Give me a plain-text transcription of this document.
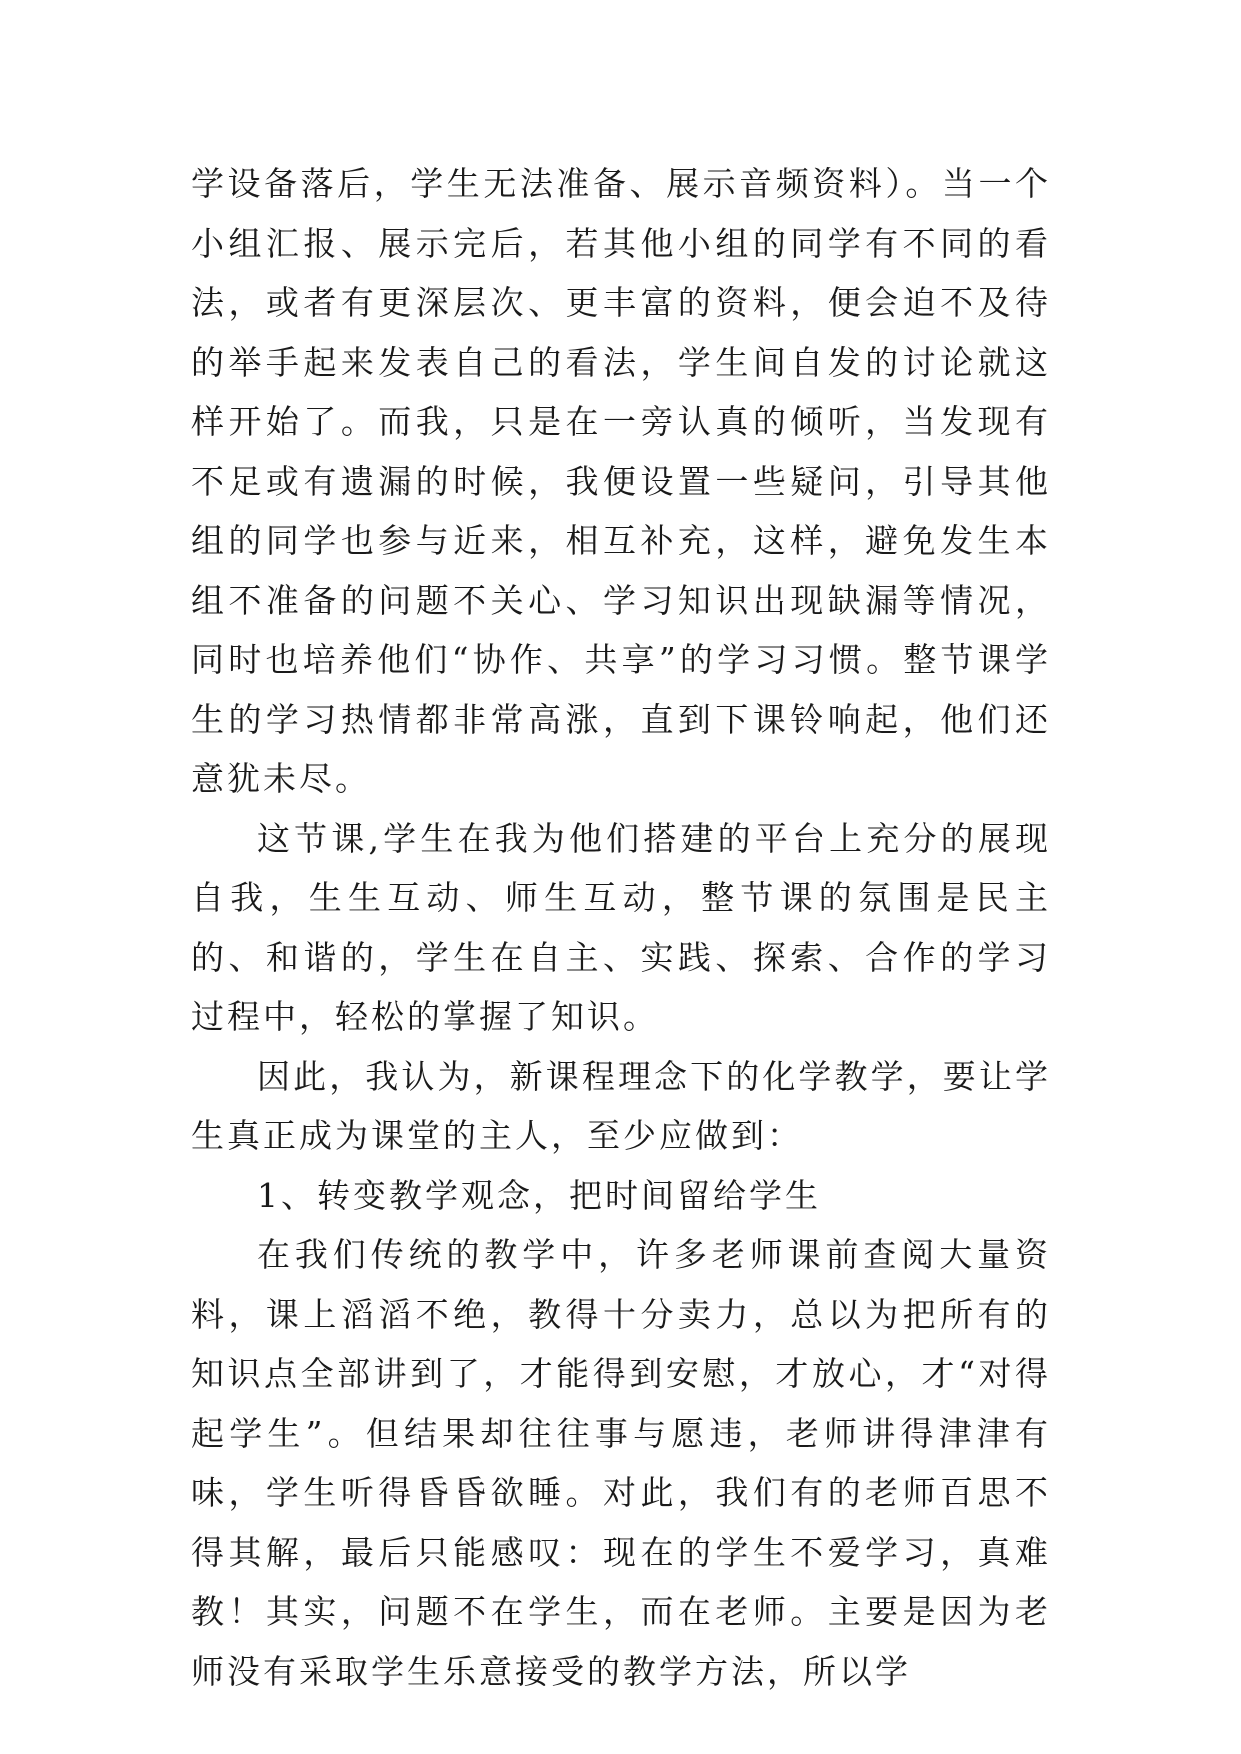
学设备落后，学生无法准备、展示音频资料）。当一个小组汇报、展示完后，若其他小组的同学有不同的看法，或者有更深层次、更丰富的资料，便会迫不及待的举手起来发表自己的看法，学生间自发的讨论就这样开始了。而我，只是在一旁认真的倾听，当发现有不足或有遗漏的时候，我便设置一些疑问，引导其他组的同学也参与近来，相互补充，这样，避免发生本组不准备的问题不关心、学习知识出现缺漏等情况，同时也培养他们“协作、共享”的学习习惯。整节课学生的学习热情都非常高涨，直到下课铃响起，他们还意犹未尽。

这节课,学生在我为他们搭建的平台上充分的展现自我，生生互动、师生互动，整节课的氛围是民主的、和谐的，学生在自主、实践、探索、合作的学习过程中，轻松的掌握了知识。

因此，我认为，新课程理念下的化学教学，要让学生真正成为课堂的主人，至少应做到：

1、转变教学观念，把时间留给学生

在我们传统的教学中，许多老师课前查阅大量资料，课上滔滔不绝，教得十分卖力，总以为把所有的知识点全部讲到了，才能得到安慰，才放心，才“对得起学生”。但结果却往往事与愿违，老师讲得津津有味，学生听得昏昏欲睡。对此，我们有的老师百思不得其解，最后只能感叹：现在的学生不爱学习，真难教！其实，问题不在学生，而在老师。主要是因为老师没有采取学生乐意接受的教学方法，所以学
